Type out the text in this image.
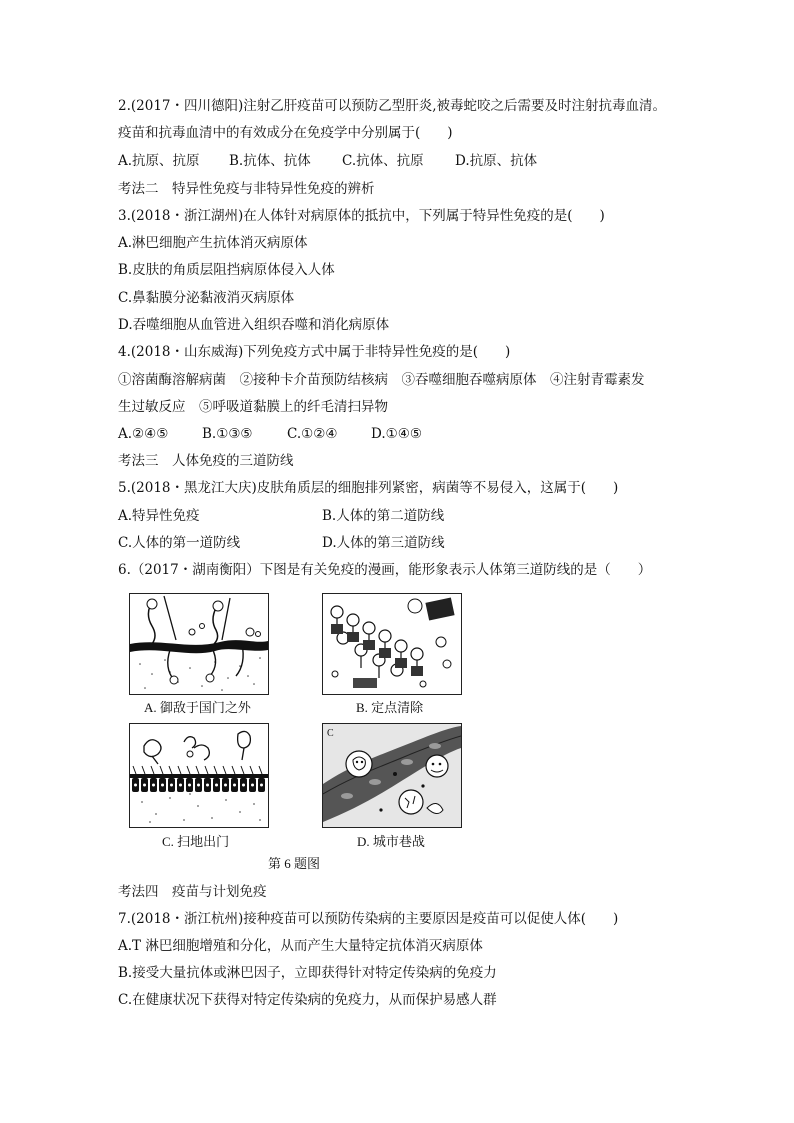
2.(2017・四川德阳)注射乙肝疫苗可以预防乙型肝炎,被毒蛇咬之后需要及时注射抗毒血清。
疫苗和抗毒血清中的有效成分在免疫学中分别属于(　　)
A.抗原、抗原 B.抗体、抗体 C.抗体、抗原 D.抗原、抗体
考法二　特异性免疫与非特异性免疫的辨析
3.(2018・浙江湖州)在人体针对病原体的抵抗中，下列属于特异性免疫的是(　　)
A.淋巴细胞产生抗体消灭病原体
B.皮肤的角质层阻挡病原体侵入人体
C.鼻黏膜分泌黏液消灭病原体
D.吞噬细胞从血管进入组织吞噬和消化病原体
4.(2018・山东威海)下列免疫方式中属于非特异性免疫的是(　　)
①溶菌酶溶解病菌　②接种卡介苗预防结核病　③吞噬细胞吞噬病原体　④注射青霉素发
生过敏反应　⑤呼吸道黏膜上的纤毛清扫异物
A.②④⑤ B.①③⑤	C.①②④ D.①④⑤
考法三　人体免疫的三道防线
5.(2018・黑龙江大庆)皮肤角质层的细胞排列紧密，病菌等不易侵入，这属于(　　)
A.特异性免疫	B.人体的第二道防线
C.人体的第一道防线	D.人体的第三道防线
6.（2017・湖南衡阳）下图是有关免疫的漫画，能形象表示人体第三道防线的是（　　）
A. 御敌于国门之外	B. 定点清除
C. 扫地出门
C
D. 城市巷战
第 6 题图
考法四　疫苗与计划免疫
7.(2018・浙江杭州)接种疫苗可以预防传染病的主要原因是疫苗可以促使人体(　　)
A.T 淋巴细胞增殖和分化，从而产生大量特定抗体消灭病原体
B.接受大量抗体或淋巴因子，立即获得针对特定传染病的免疫力
C.在健康状况下获得对特定传染病的免疫力，从而保护易感人群
